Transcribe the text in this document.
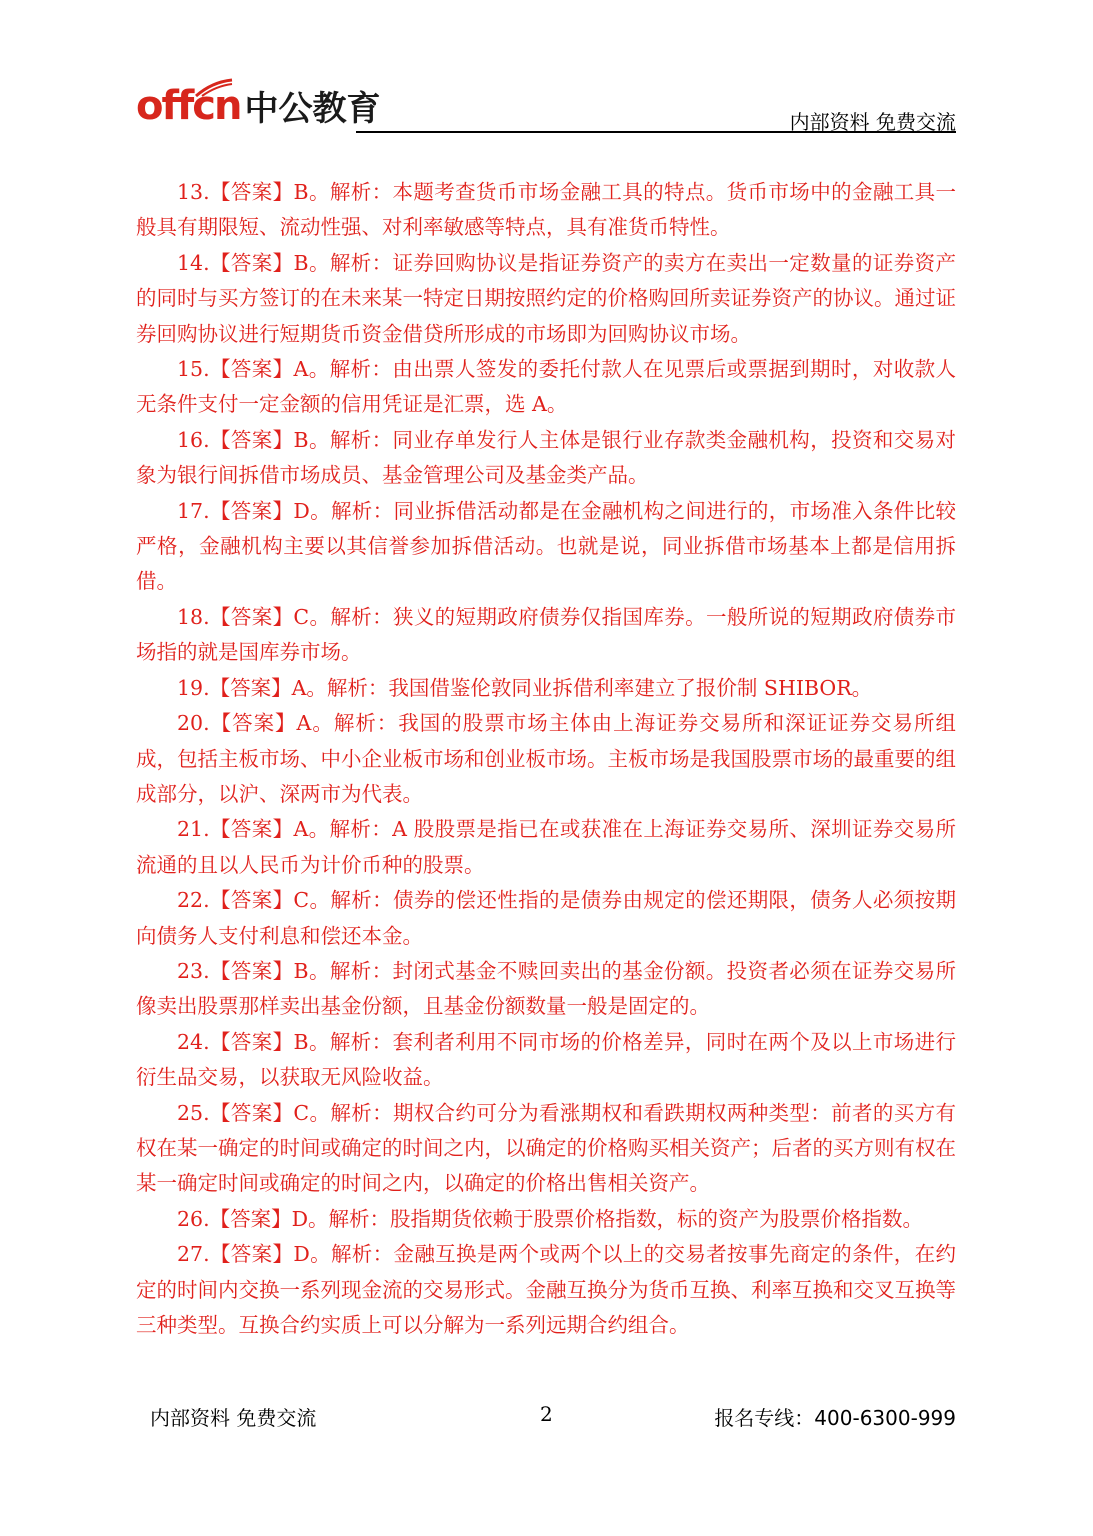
offcn 中公教育	内部资料 免费交流

13.【答案】B。解析：本题考查货币市场金融工具的特点。货币市场中的金融工具一般具有期限短、流动性强、对利率敏感等特点，具有准货币特性。

14.【答案】B。解析：证券回购协议是指证券资产的卖方在卖出一定数量的证券资产的同时与买方签订的在未来某一特定日期按照约定的价格购回所卖证券资产的协议。通过证券回购协议进行短期货币资金借贷所形成的市场即为回购协议市场。

15.【答案】A。解析：由出票人签发的委托付款人在见票后或票据到期时，对收款人无条件支付一定金额的信用凭证是汇票，选 A。

16.【答案】B。解析：同业存单发行人主体是银行业存款类金融机构，投资和交易对象为银行间拆借市场成员、基金管理公司及基金类产品。

17.【答案】D。解析：同业拆借活动都是在金融机构之间进行的，市场准入条件比较严格，金融机构主要以其信誉参加拆借活动。也就是说，同业拆借市场基本上都是信用拆借。

18.【答案】C。解析：狭义的短期政府债券仅指国库券。一般所说的短期政府债券市场指的就是国库券市场。

19.【答案】A。解析：我国借鉴伦敦同业拆借利率建立了报价制 SHIBOR。

20.【答案】A。解析：我国的股票市场主体由上海证券交易所和深证证券交易所组成，包括主板市场、中小企业板市场和创业板市场。主板市场是我国股票市场的最重要的组成部分，以沪、深两市为代表。

21.【答案】A。解析：A 股股票是指已在或获准在上海证券交易所、深圳证券交易所流通的且以人民币为计价币种的股票。

22.【答案】C。解析：债券的偿还性指的是债券由规定的偿还期限，债务人必须按期向债务人支付利息和偿还本金。

23.【答案】B。解析：封闭式基金不赎回卖出的基金份额。投资者必须在证券交易所像卖出股票那样卖出基金份额，且基金份额数量一般是固定的。

24.【答案】B。解析：套利者利用不同市场的价格差异，同时在两个及以上市场进行衍生品交易，以获取无风险收益。

25.【答案】C。解析：期权合约可分为看涨期权和看跌期权两种类型：前者的买方有权在某一确定的时间或确定的时间之内，以确定的价格购买相关资产；后者的买方则有权在某一确定时间或确定的时间之内，以确定的价格出售相关资产。

26.【答案】D。解析：股指期货依赖于股票价格指数，标的资产为股票价格指数。

27.【答案】D。解析：金融互换是两个或两个以上的交易者按事先商定的条件，在约定的时间内交换一系列现金流的交易形式。金融互换分为货币互换、利率互换和交叉互换等三种类型。互换合约实质上可以分解为一系列远期合约组合。

内部资料 免费交流	2	报名专线：400-6300-999
